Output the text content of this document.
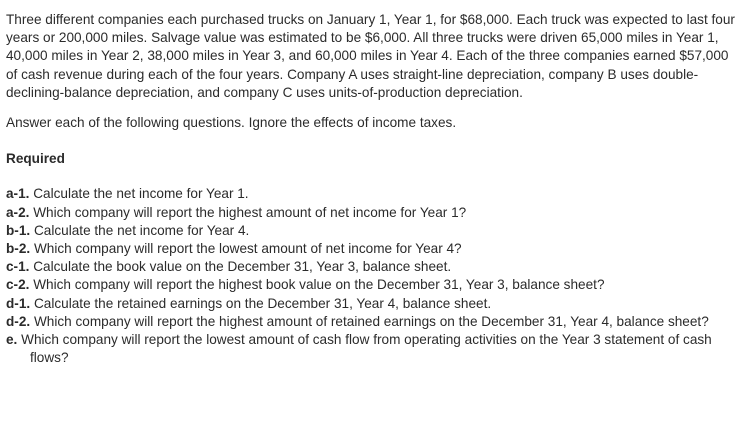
Three different companies each purchased trucks on January 1, Year 1, for $68,000. Each truck was expected to last four years or 200,000 miles. Salvage value was estimated to be $6,000. All three trucks were driven 65,000 miles in Year 1, 40,000 miles in Year 2, 38,000 miles in Year 3, and 60,000 miles in Year 4. Each of the three companies earned $57,000 of cash revenue during each of the four years. Company A uses straight-line depreciation, company B uses double-declining-balance depreciation, and company C uses units-of-production depreciation.

Answer each of the following questions. Ignore the effects of income taxes.

Required

a-1. Calculate the net income for Year 1.
a-2. Which company will report the highest amount of net income for Year 1?
b-1. Calculate the net income for Year 4.
b-2. Which company will report the lowest amount of net income for Year 4?
c-1. Calculate the book value on the December 31, Year 3, balance sheet.
c-2. Which company will report the highest book value on the December 31, Year 3, balance sheet?
d-1. Calculate the retained earnings on the December 31, Year 4, balance sheet.
d-2. Which company will report the highest amount of retained earnings on the December 31, Year 4, balance sheet?
e. Which company will report the lowest amount of cash flow from operating activities on the Year 3 statement of cash flows?
